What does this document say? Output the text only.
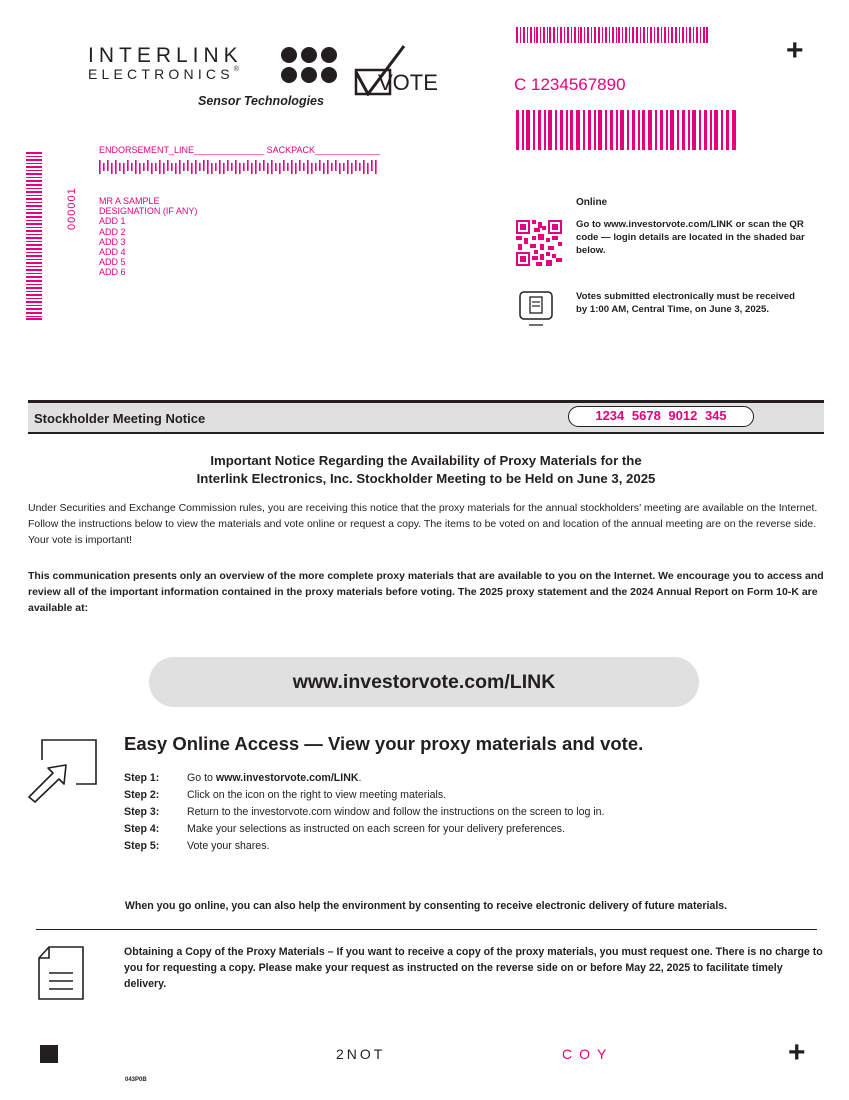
INTERLINK
ELECTRONICS®
Sensor Technologies
VOTE
+
C 1234567890
ENDORSEMENT_LINE______________ SACKPACK_____________
000001 MR A SAMPLE
DESIGNATION (IF ANY)
ADD 1
ADD 2
ADD 3
ADD 4
ADD 5
ADD 6
Online
Go to www.investorvote.com/LINK or scan the QR code — login details are located in the shaded bar below.
Votes submitted electronically must be received by 1:00 AM, Central Time, on June 3, 2025.
Stockholder Meeting Notice	1234 5678 9012 345
Important Notice Regarding the Availability of Proxy Materials for the
Interlink Electronics, Inc. Stockholder Meeting to be Held on June 3, 2025
Under Securities and Exchange Commission rules, you are receiving this notice that the proxy materials for the annual stockholders’ meeting are available on the Internet. Follow the instructions below to view the materials and vote online or request a copy. The items to be voted on and location of the annual meeting are on the reverse side. Your vote is important!
This communication presents only an overview of the more complete proxy materials that are available to you on the Internet. We encourage you to access and review all of the important information contained in the proxy materials before voting. The 2025 proxy statement and the 2024 Annual Report on Form 10-K are available at:
www.investorvote.com/LINK
Easy Online Access — View your proxy materials and vote.
Step 1:	Go to www.investorvote.com/LINK.
Step 2:	Click on the icon on the right to view meeting materials.
Step 3:	Return to the investorvote.com window and follow the instructions on the screen to log in.
Step 4:	Make your selections as instructed on each screen for your delivery preferences.
Step 5:	Vote your shares.
When you go online, you can also help the environment by consenting to receive electronic delivery of future materials.
Obtaining a Copy of the Proxy Materials – If you want to receive a copy of the proxy materials, you must request one. There is no charge to you for requesting a copy. Please make your request as instructed on the reverse side on or before May 22, 2025 to facilitate timely delivery.
2NOT	COY	+
043P0B
